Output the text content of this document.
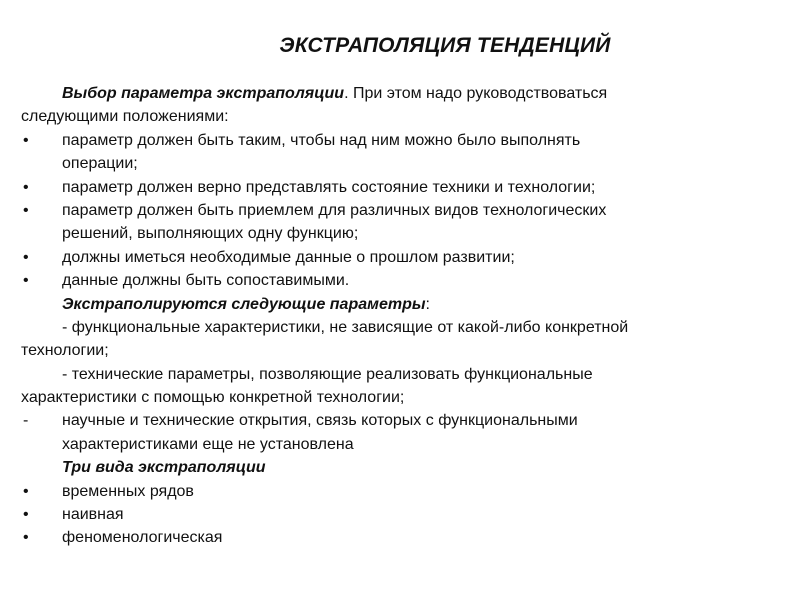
ЭКСТРАПОЛЯЦИЯ ТЕНДЕНЦИЙ
Выбор параметра экстраполяции. При этом надо руководствоваться
следующими положениями:
•	параметр должен быть таким, чтобы над ним можно было выполнять
операции;
•	параметр должен верно представлять состояние техники и технологии;
•	параметр должен быть приемлем для различных видов технологических
решений, выполняющих одну функцию;
•	должны иметься необходимые данные о прошлом развитии;
•	данные должны быть сопоставимыми.
Экстраполируются следующие параметры:
- функциональные характеристики, не зависящие от какой-либо конкретной
технологии;
- технические параметры, позволяющие реализовать функциональные
характеристики с помощью конкретной технологии;
-	научные и технические открытия, связь которых с функциональными
характеристиками еще не установлена
Три вида экстраполяции
•	временных рядов
•	наивная
•	феноменологическая
